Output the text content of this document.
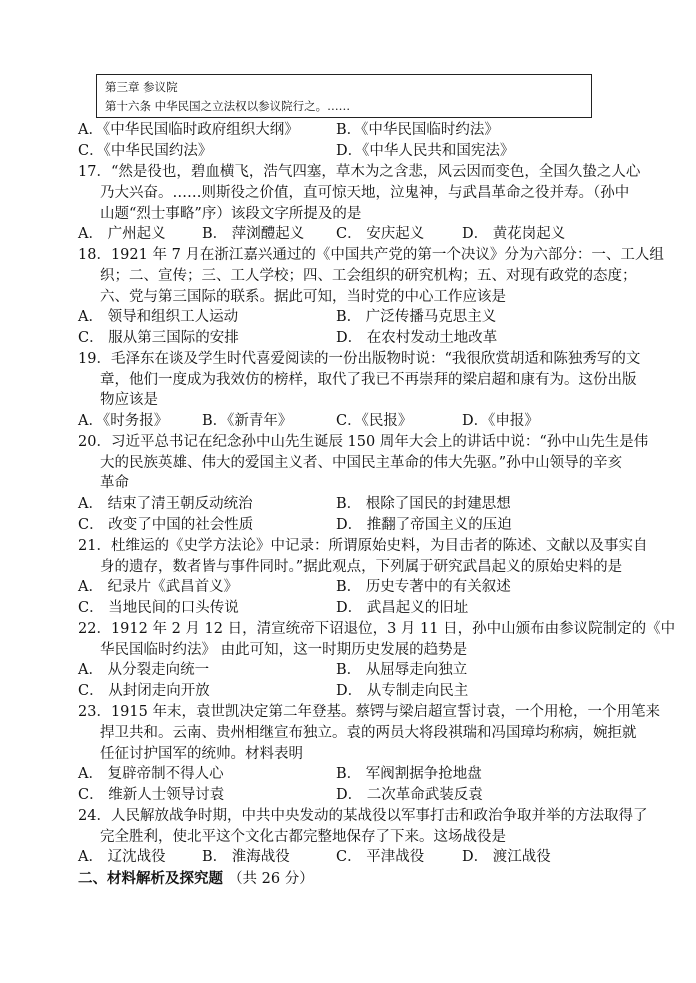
第三章 参议院
第十六条 中华民国之立法权以参议院行之。……
A．《中华民国临时政府组织大纲》	B．《中华民国临时约法》
C．《中华民国约法》	D．《中华人民共和国宪法》
17．“然是役也，碧血横飞，浩气四塞，草木为之含悲，风云因而变色，全国久蛰之人心
乃大兴奋。……则斯役之价值，直可惊天地，泣鬼神，与武昌革命之役并寿。（孙中
山题“烈士事略”序）该段文字所提及的是
A． 广州起义	B． 萍浏醴起义 C． 安庆起义	D． 黄花岗起义
18．1921 年 7 月在浙江嘉兴通过的《中国共产党的第一个决议》分为六部分：一、工人组
织；二、宣传；三、工人学校；四、工会组织的研究机构；五、对现有政党的态度；
六、党与第三国际的联系。据此可知，当时党的中心工作应该是
A． 领导和组织工人运动	B． 广泛传播马克思主义
C． 服从第三国际的安排	D． 在农村发动土地改革
19．毛泽东在谈及学生时代喜爱阅读的一份出版物时说：“我很欣赏胡适和陈独秀写的文
章，他们一度成为我效仿的榜样，取代了我已不再崇拜的梁启超和康有为。这份出版
物应该是
A．《时务报》 B．《新青年》	C．《民报》	D．《申报》
20．习近平总书记在纪念孙中山先生诞辰 150 周年大会上的讲话中说：“孙中山先生是伟
大的民族英雄、伟大的爱国主义者、中国民主革命的伟大先驱。”孙中山领导的辛亥
革命
A． 结束了清王朝反动统治	B． 根除了国民的封建思想
C． 改变了中国的社会性质	D． 推翻了帝国主义的压迫
21．杜维运的《史学方法论》中记录：所谓原始史料，为目击者的陈述、文献以及事实自
身的遗存，数者皆与事件同时。”据此观点，下列属于研究武昌起义的原始史料的是
A． 纪录片《武昌首义》	B． 历史专著中的有关叙述
C． 当地民间的口头传说	D． 武昌起义的旧址
22．1912 年 2 月 12 日，清宣统帝下诏退位，3 月 11 日，孙中山颁布由参议院制定的《中
华民国临时约法》 由此可知，这一时期历史发展的趋势是
A． 从分裂走向统一	B． 从屈辱走向独立
C． 从封闭走向开放	D． 从专制走向民主
23．1915 年末，袁世凯决定第二年登基。蔡锷与梁启超宣誓讨袁，一个用枪，一个用笔来
捍卫共和。云南、贵州相继宣布独立。袁的两员大将段祺瑞和冯国璋均称病，婉拒就
任征讨护国军的统帅。材料表明
A． 复辟帝制不得人心	B． 军阀割据争抢地盘
C． 维新人士领导讨袁	D． 二次革命武装反袁
24．人民解放战争时期，中共中央发动的某战役以军事打击和政治争取并举的方法取得了
完全胜利，使北平这个文化古都完整地保存了下来。这场战役是
A． 辽沈战役	B． 淮海战役	C． 平津战役	D． 渡江战役
二、材料解析及探究题 （共 26 分）
